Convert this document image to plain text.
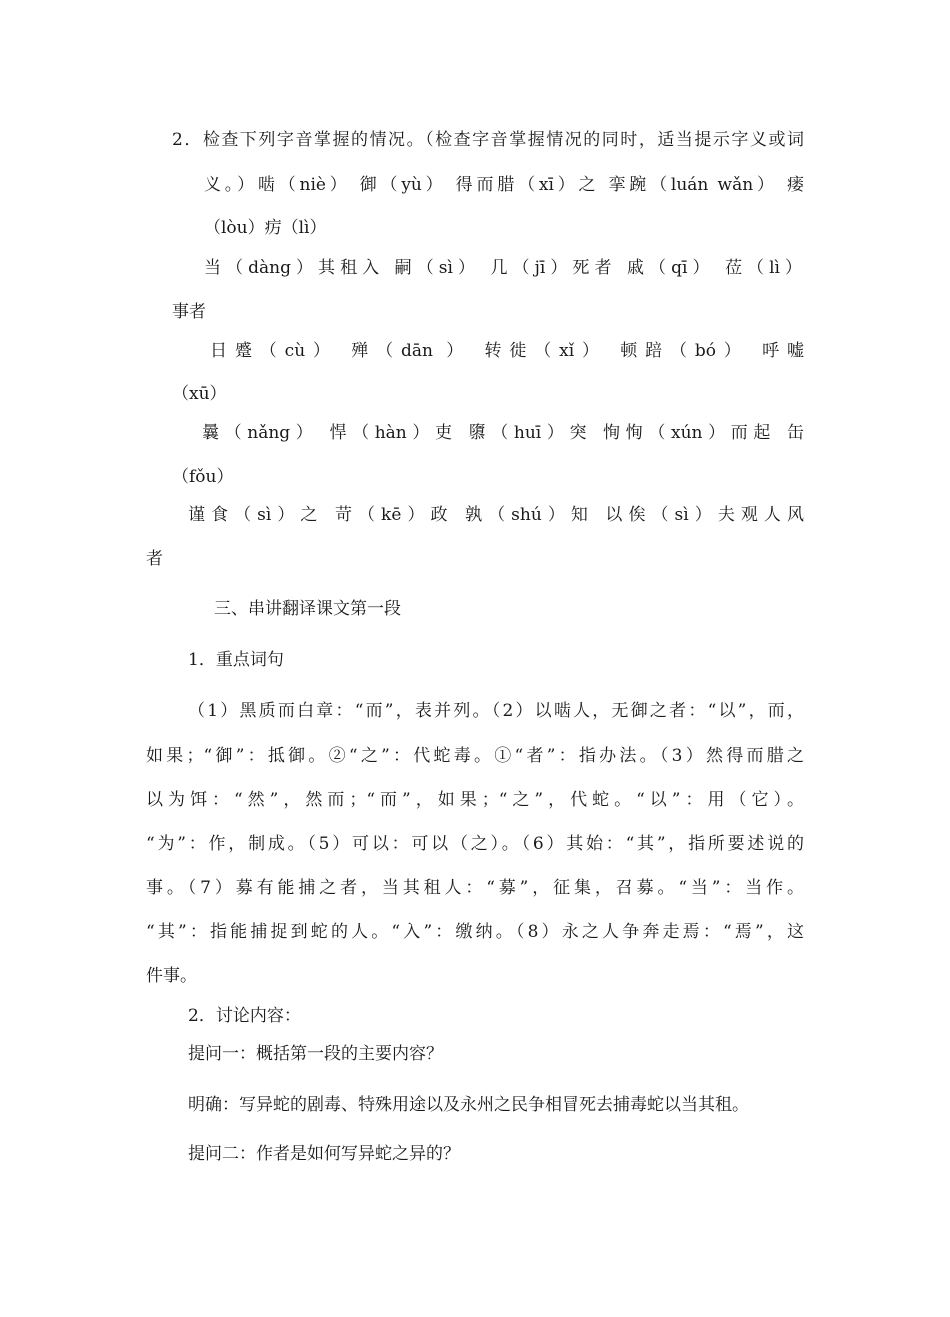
2．检查下列字音掌握的情况。（检查字音掌握情况的同时，适当提示字义或词
义。）啮（niè） 御（yù） 得而腊（xī）之 挛踠（luán wǎn） 瘘
（lòu）疠（lì）
当（dàng）其租入 嗣（sì） 几（jī）死者 戚（qī） 莅（lì）
事者
日蹙（cù） 殚（dān ） 转徙（xǐ） 顿踣（bó） 呼嘘
（xū）
曩（nǎng） 悍（hàn）吏 隳（huī）突 恂恂（xún）而起 缶
（fǒu）
谨食（sì）之 苛（kē）政 孰（shú）知 以俟（sì）夫观人风
者
三、串讲翻译课文第一段
1．重点词句
（1）黑质而白章：“而”，表并列。（2）以啮人，无御之者：“以”，而，
如果；“御”：抵御。②“之”：代蛇毒。①“者”：指办法。（3）然得而腊之
以为饵：“然”，然而；“而”，如果；“之”，代蛇。“以”：用（它）。
“为”：作，制成。（5）可以：可以（之）。（6）其始：“其”，指所要述说的
事。（7）募有能捕之者，当其租人：“募”，征集，召募。“当”：当作。
“其”：指能捕捉到蛇的人。“入”：缴纳。（8）永之人争奔走焉：“焉”，这
件事。
2．讨论内容：
提问一：概括第一段的主要内容？
明确：写异蛇的剧毒、特殊用途以及永州之民争相冒死去捕毒蛇以当其租。
提问二：作者是如何写异蛇之异的？
